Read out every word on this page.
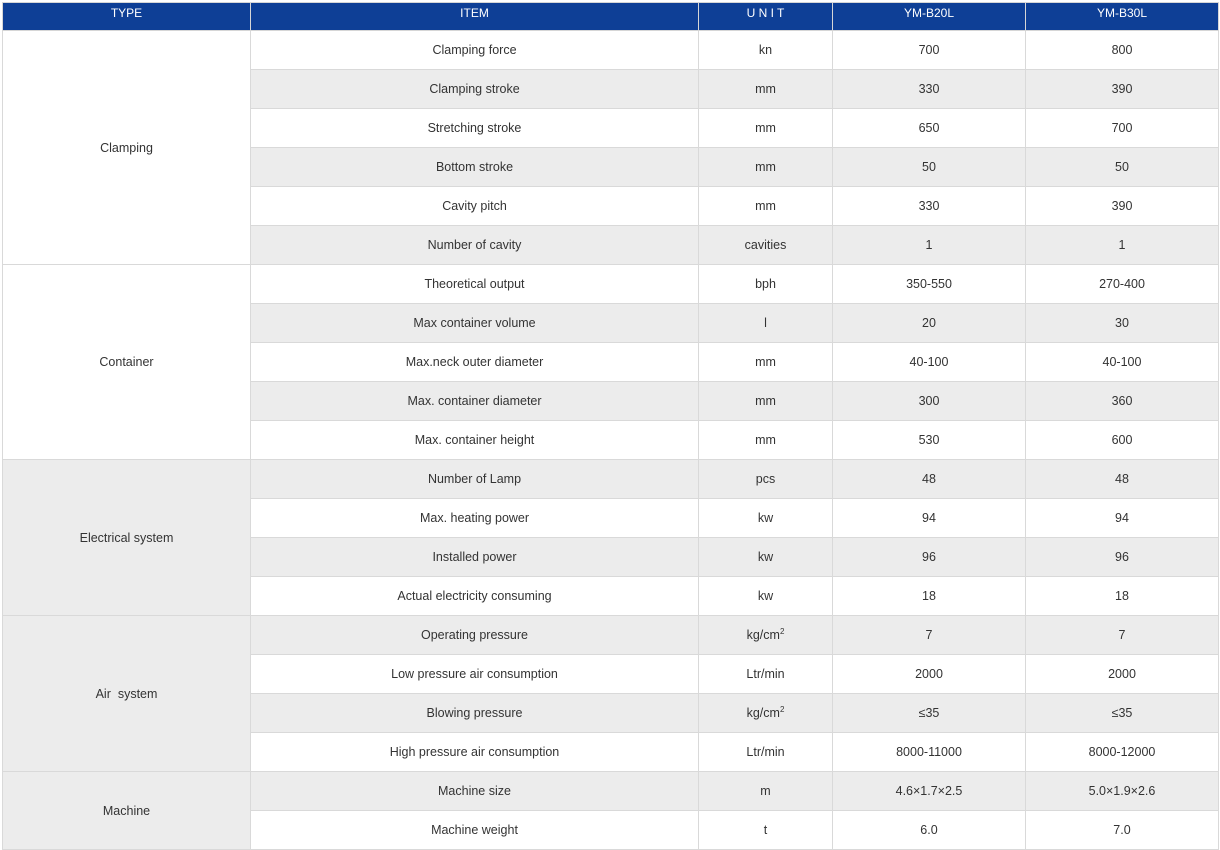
TYPE	ITEM	U N I T	YM-B20L	YM-B30L
Clamping	Clamping force	kn	700	800
	Clamping stroke	mm	330	390
	Stretching stroke	mm	650	700
	Bottom stroke	mm	50	50
	Cavity pitch	mm	330	390
	Number of cavity	cavities	1	1
Container	Theoretical output	bph	350-550	270-400
	Max container volume	l	20	30
	Max.neck outer diameter	mm	40-100	40-100
	Max. container diameter	mm	300	360
	Max. container height	mm	530	600
Electrical system	Number of Lamp	pcs	48	48
	Max. heating power	kw	94	94
	Installed power	kw	96	96
	Actual electricity consuming	kw	18	18
Air  system	Operating pressure	$kg/cm^2$	7	7
	Low pressure air consumption	Ltr/min	2000	2000
	Blowing pressure	$kg/cm^2$	≤35	≤35
	High pressure air consumption	Ltr/min	8000-11000	8000-12000
Machine	Machine size	m	4.6×1.7×2.5	5.0×1.9×2.6
	Machine weight	t	6.0	7.0
